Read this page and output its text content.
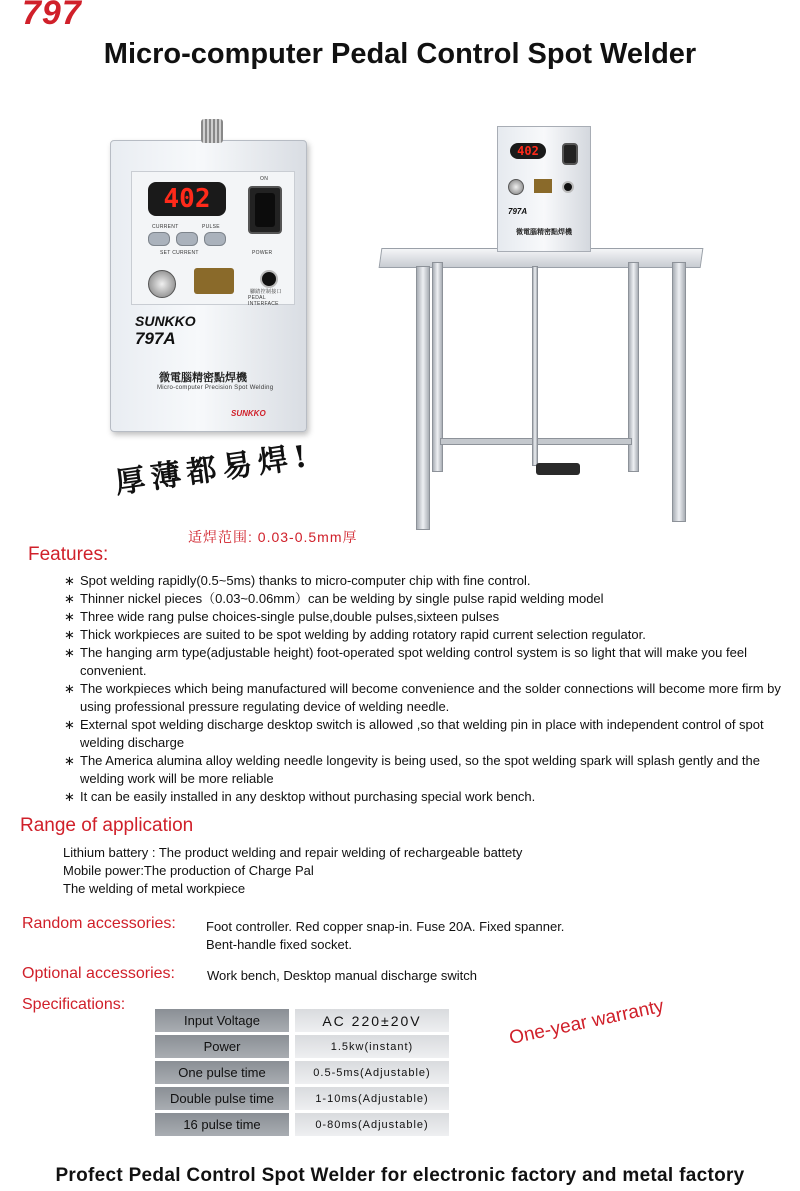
797
Micro-computer Pedal Control Spot Welder
402
CURRENT	PULSE
SET CURRENT
ON
POWER
腳踏控制接口
PEDAL INTERFACE
SUNKKO
797A
微電腦精密點焊機
Micro-computer Precision Spot Welding
SUNKKO
402
797A
微電腦精密點焊機
厚薄都易焊!
适焊范围: 0.03-0.5mm厚
Features:
∗ Spot welding rapidly(0.5~5ms) thanks to micro-computer chip with fine control.
∗ Thinner nickel pieces（0.03~0.06mm）can be welding by single pulse rapid welding model
∗ Three wide rang pulse choices-single pulse,double pulses,sixteen pulses
∗ Thick workpieces are suited to be spot welding by adding rotatory rapid current selection regulator.
∗ The hanging arm type(adjustable height) foot-operated spot welding control system is so light that will make you feel convenient.
∗ The workpieces which being manufactured will become convenience and the solder connections will become more firm by using professional pressure regulating device of welding needle.
∗ External spot welding discharge desktop switch is allowed ,so that welding pin in place with independent control of spot welding discharge
∗ The America alumina alloy welding needle longevity is being used, so the spot welding spark will splash gently and the welding work will be more reliable
∗ It can be easily installed in any desktop without purchasing special work bench.
Range of application
Lithium battery : The product welding and repair welding of rechargeable battety
Mobile power:The production of Charge Pal
The welding of metal workpiece
Random accessories: Foot controller. Red copper snap-in. Fuse 20A. Fixed spanner.
Bent-handle fixed socket.
Optional accessories: Work bench, Desktop manual discharge switch
Specifications:
Input Voltage	AC 220±20V
Power	1.5kw(instant)
One pulse time	0.5-5ms(Adjustable)
Double pulse time	1-10ms(Adjustable)
16 pulse time	0-80ms(Adjustable)
One-year warranty
Profect Pedal Control Spot Welder for electronic factory and metal factory
